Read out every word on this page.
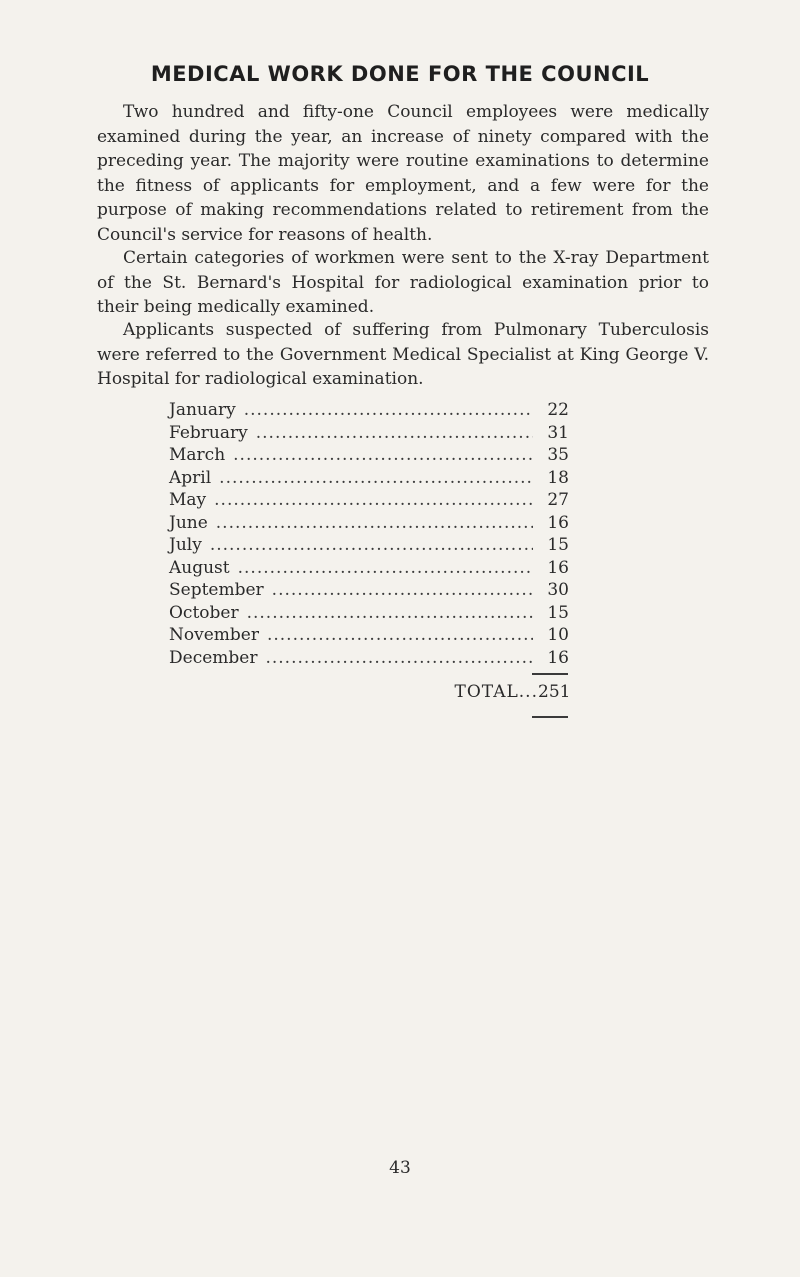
MEDICAL WORK DONE FOR THE COUNCIL

Two hundred and fifty-one Council employees were medically examined during the year, an increase of ninety compared with the preceding year. The majority were routine examinations to determine the fitness of applicants for employment, and a few were for the purpose of making recommendations related to retirement from the Council's service for reasons of health.

Certain categories of workmen were sent to the X-ray Department of the St. Bernard's Hospital for radiological examination prior to their being medically examined.

Applicants suspected of suffering from Pulmonary Tuberculosis were referred to the Government Medical Specialist at King George V. Hospital for radiological examination.

January .....	22
February .....	31
March .....	35
April .....	18
May .....	27
June .....	16
July .....	15
August .....	16
September .....	30
October .....	15
November .....	10
December .....	16
TOTAL... 251
43
